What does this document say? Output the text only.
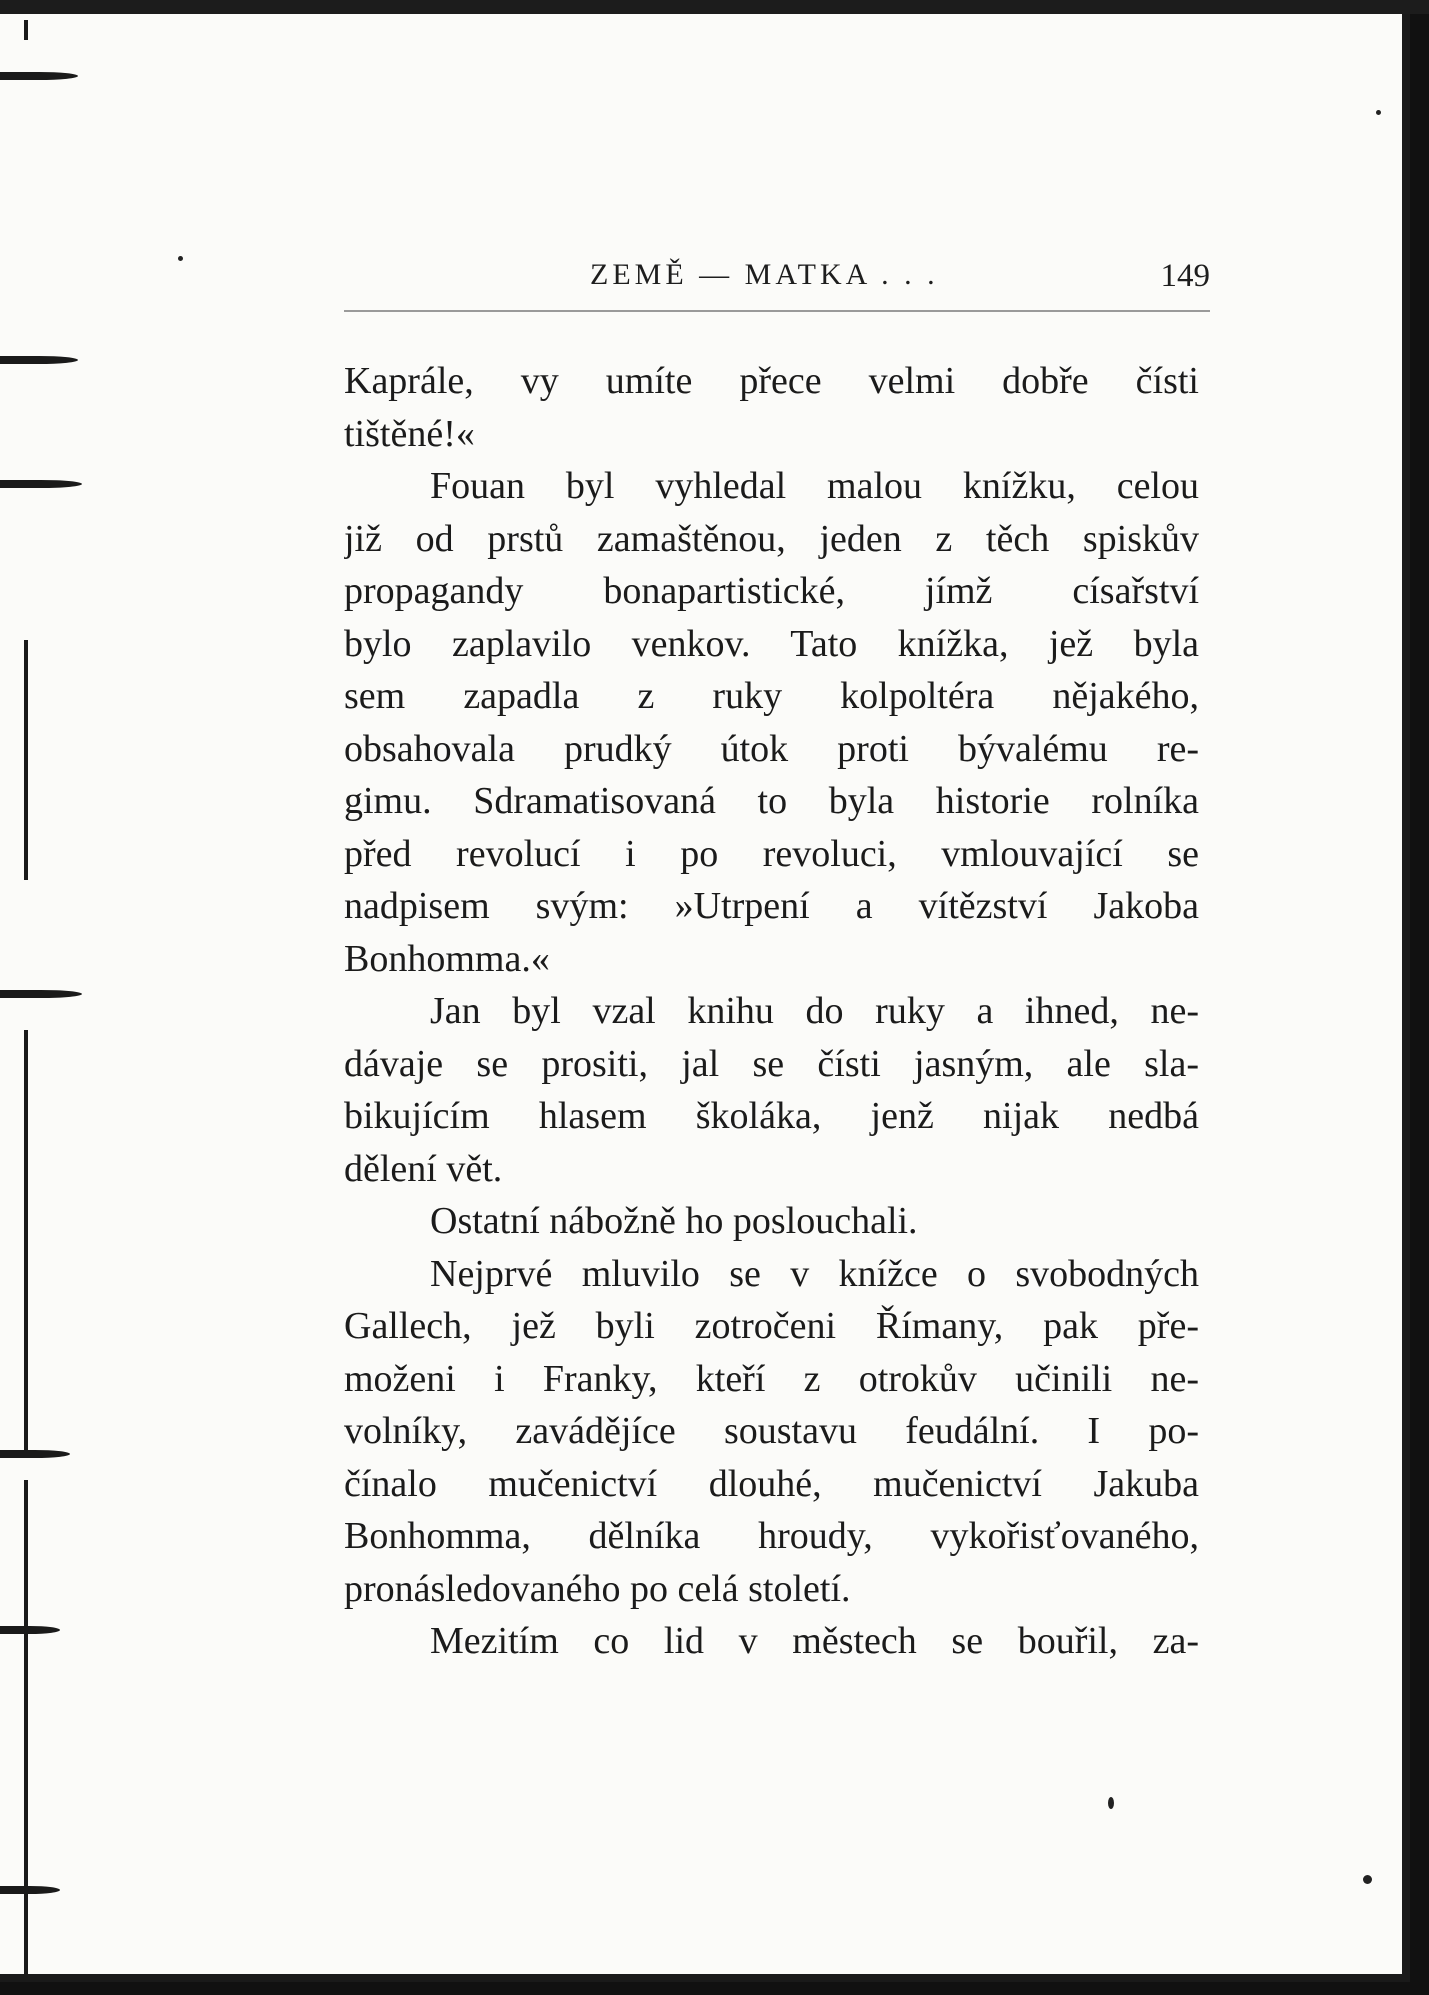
ZEMĚ — MATKA . . .	149
Kaprále, vy umíte přece velmi dobře čísti
tištěné!«
Fouan byl vyhledal malou knížku, celou
již od prstů zamaštěnou, jeden z těch spiskův
propagandy bonapartistické, jímž císařství
bylo zaplavilo venkov. Tato knížka, jež byla
sem zapadla z ruky kolpoltéra nějakého,
obsahovala prudký útok proti bývalému re-
gimu. Sdramatisovaná to byla historie rolníka
před revolucí i po revoluci, vmlouvající se
nadpisem svým: »Utrpení a vítězství Jakoba
Bonhomma.«
Jan byl vzal knihu do ruky a ihned, ne-
dávaje se prositi, jal se čísti jasným, ale sla-
bikujícím hlasem školáka, jenž nijak nedbá
dělení vět.
Ostatní nábožně ho poslouchali.
Nejprvé mluvilo se v knížce o svobodných
Gallech, jež byli zotročeni Římany, pak pře-
moženi i Franky, kteří z otrokův učinili ne-
volníky, zavádějíce soustavu feudální. I po-
čínalo mučenictví dlouhé, mučenictví Jakuba
Bonhomma, dělníka hroudy, vykořisťovaného,
pronásledovaného po celá století.
Mezitím co lid v městech se bouřil, za-
